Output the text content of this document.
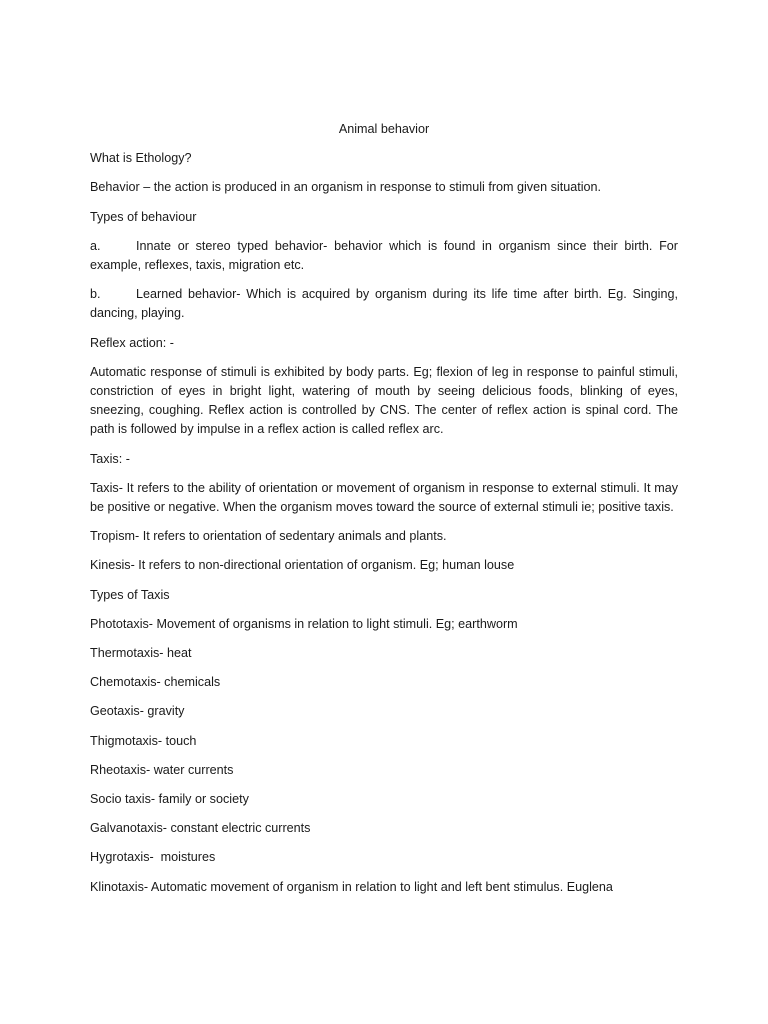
Animal behavior

What is Ethology?

Behavior – the action is produced in an organism in response to stimuli from given situation.

Types of behaviour

a.	Innate or stereo typed behavior- behavior which is found in organism since their birth. For example, reflexes, taxis, migration etc.

b.	Learned behavior- Which is acquired by organism during its life time after birth. Eg. Singing, dancing, playing.

Reflex action: -

Automatic response of stimuli is exhibited by body parts. Eg; flexion of leg in response to painful stimuli, constriction of eyes in bright light, watering of mouth by seeing delicious foods, blinking of eyes, sneezing, coughing. Reflex action is controlled by CNS. The center of reflex action is spinal cord. The path is followed by impulse in a reflex action is called reflex arc.

Taxis: -

Taxis- It refers to the ability of orientation or movement of organism in response to external stimuli. It may be positive or negative. When the organism moves toward the source of external stimuli ie; positive taxis.

Tropism- It refers to orientation of sedentary animals and plants.

Kinesis- It refers to non-directional orientation of organism. Eg; human louse

Types of Taxis

Phototaxis- Movement of organisms in relation to light stimuli. Eg; earthworm

Thermotaxis- heat

Chemotaxis- chemicals

Geotaxis- gravity

Thigmotaxis- touch

Rheotaxis- water currents

Socio taxis- family or society

Galvanotaxis- constant electric currents

Hygrotaxis-  moistures

Klinotaxis- Automatic movement of organism in relation to light and left bent stimulus. Euglena
